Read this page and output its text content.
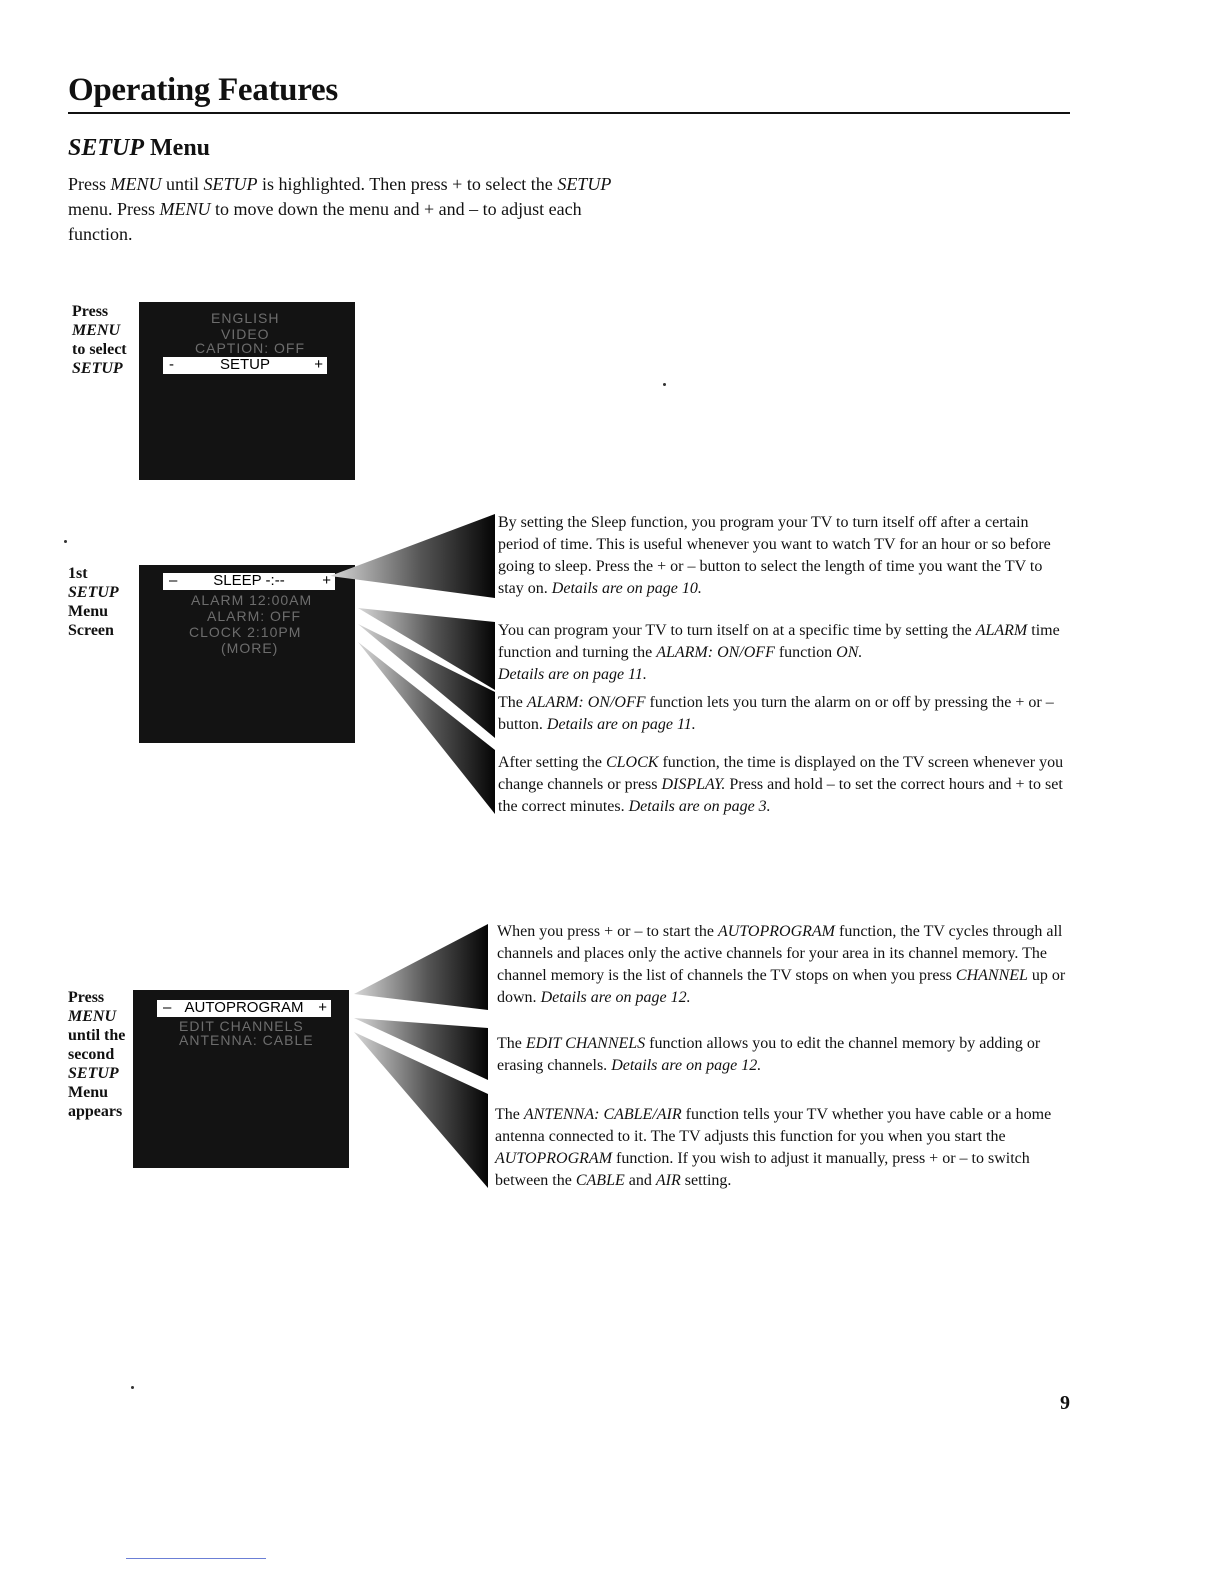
Operating Features
SETUP Menu
Press MENU until SETUP is highlighted. Then press + to select the SETUP menu. Press MENU to move down the menu and + and – to adjust each function.
Press
MENU
to select
SETUP
ENGLISH
VIDEO
CAPTION: OFF
-	SETUP	+
1st
SETUP
Menu
Screen
–	SLEEP -:--	+
ALARM 12:00AM
ALARM: OFF
CLOCK 2:10PM
(MORE)
By setting the Sleep function, you program your TV to turn itself off after a certain period of time. This is useful whenever you want to watch TV for an hour or so before going to sleep. Press the + or – button to select the length of time you want the TV to stay on. Details are on page 10.
You can program your TV to turn itself on at a specific time by setting the ALARM time function and turning the ALARM: ON/OFF function ON.
Details are on page 11.
The ALARM: ON/OFF function lets you turn the alarm on or off by pressing the + or – button. Details are on page 11.
After setting the CLOCK function, the time is displayed on the TV screen whenever you change channels or press DISPLAY. Press and hold – to set the correct hours and + to set the correct minutes. Details are on page 3.
Press
MENU
until the
second
SETUP
Menu
appears
– AUTOPROGRAM +
EDIT CHANNELS
ANTENNA: CABLE
When you press + or – to start the AUTOPROGRAM function, the TV cycles through all channels and places only the active channels for your area in its channel memory. The channel memory is the list of channels the TV stops on when you press CHANNEL up or down. Details are on page 12.
The EDIT CHANNELS function allows you to edit the channel memory by adding or erasing channels. Details are on page 12.
The ANTENNA: CABLE/AIR function tells your TV whether you have cable or a home antenna connected to it. The TV adjusts this function for you when you start the AUTOPROGRAM function. If you wish to adjust it manually, press + or – to switch between the CABLE and AIR setting.
9
